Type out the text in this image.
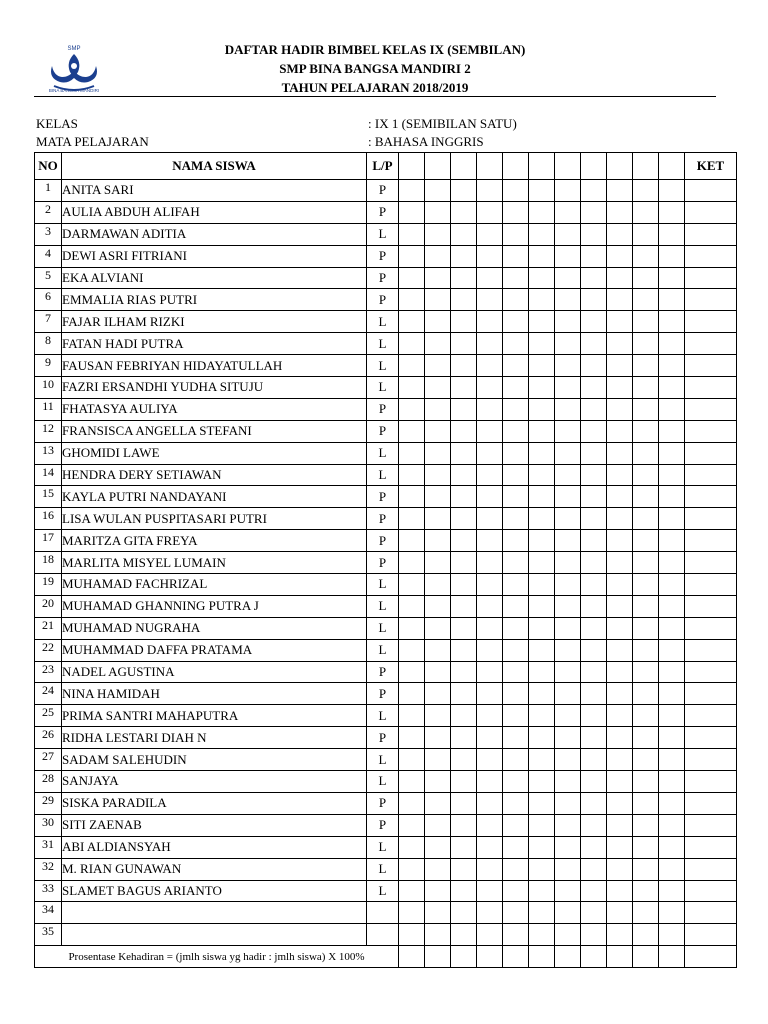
SMP
BINA BANGSA MANDIRI
DAFTAR HADIR BIMBEL KELAS IX (SEMBILAN)
SMP BINA BANGSA MANDIRI 2
TAHUN PELAJARAN 2018/2019
KELAS	: IX 1 (SEMIBILAN SATU)
MATA PELAJARAN	: BAHASA INGGRIS
NO	NAMA SISWA	L/P												KET
1	ANITA SARI	P												
2	AULIA ABDUH ALIFAH	P												
3	DARMAWAN ADITIA	L												
4	DEWI ASRI FITRIANI	P												
5	EKA ALVIANI	P												
6	EMMALIA RIAS PUTRI	P												
7	FAJAR ILHAM RIZKI	L												
8	FATAN HADI PUTRA	L												
9	FAUSAN FEBRIYAN HIDAYATULLAH	L												
10	FAZRI ERSANDHI YUDHA SITUJU	L												
11	FHATASYA AULIYA	P												
12	FRANSISCA ANGELLA STEFANI	P												
13	GHOMIDI LAWE	L												
14	HENDRA DERY SETIAWAN	L												
15	KAYLA PUTRI NANDAYANI	P												
16	LISA WULAN PUSPITASARI PUTRI	P												
17	MARITZA GITA FREYA	P												
18	MARLITA MISYEL LUMAIN	P												
19	MUHAMAD FACHRIZAL	L												
20	MUHAMAD GHANNING PUTRA J	L												
21	MUHAMAD NUGRAHA	L												
22	MUHAMMAD DAFFA PRATAMA	L												
23	NADEL AGUSTINA	P												
24	NINA HAMIDAH	P												
25	PRIMA SANTRI MAHAPUTRA	L												
26	RIDHA LESTARI DIAH N	P												
27	SADAM SALEHUDIN	L												
28	SANJAYA	L												
29	SISKA PARADILA	P												
30	SITI ZAENAB	P												
31	ABI ALDIANSYAH	L												
32	M. RIAN GUNAWAN	L												
33	SLAMET BAGUS ARIANTO	L												
34														
35														
Prosentase Kehadiran = (jmlh siswa yg hadir : jmlh siswa) X 100%														
